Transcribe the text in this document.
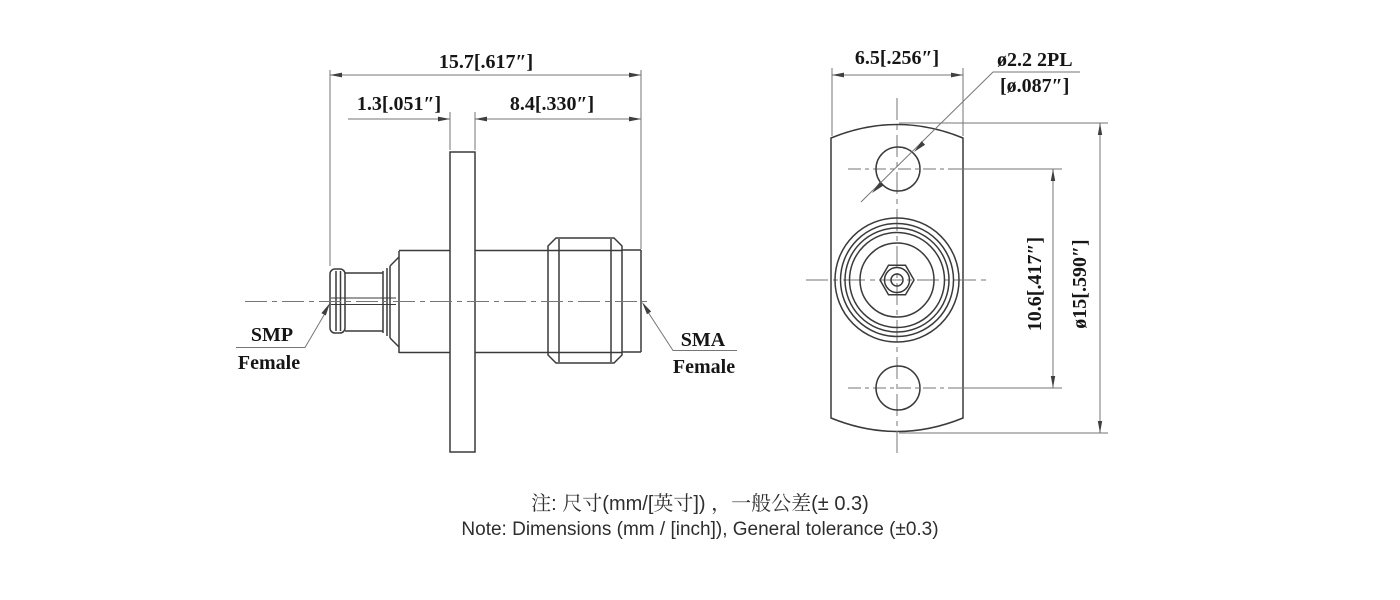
15.7[.617″]
1.3[.051″]	8.4[.330″]
SMP
Female
SMA
Female
6.5[.256″]	ø2.2 2PL
[ø.087″]
10.6[.417″] ø15[.590″]
注: 尺寸(mm/[英寸]) ，一般公差(± 0.3)
Note: Dimensions (mm / [inch]), General tolerance (±0.3)
